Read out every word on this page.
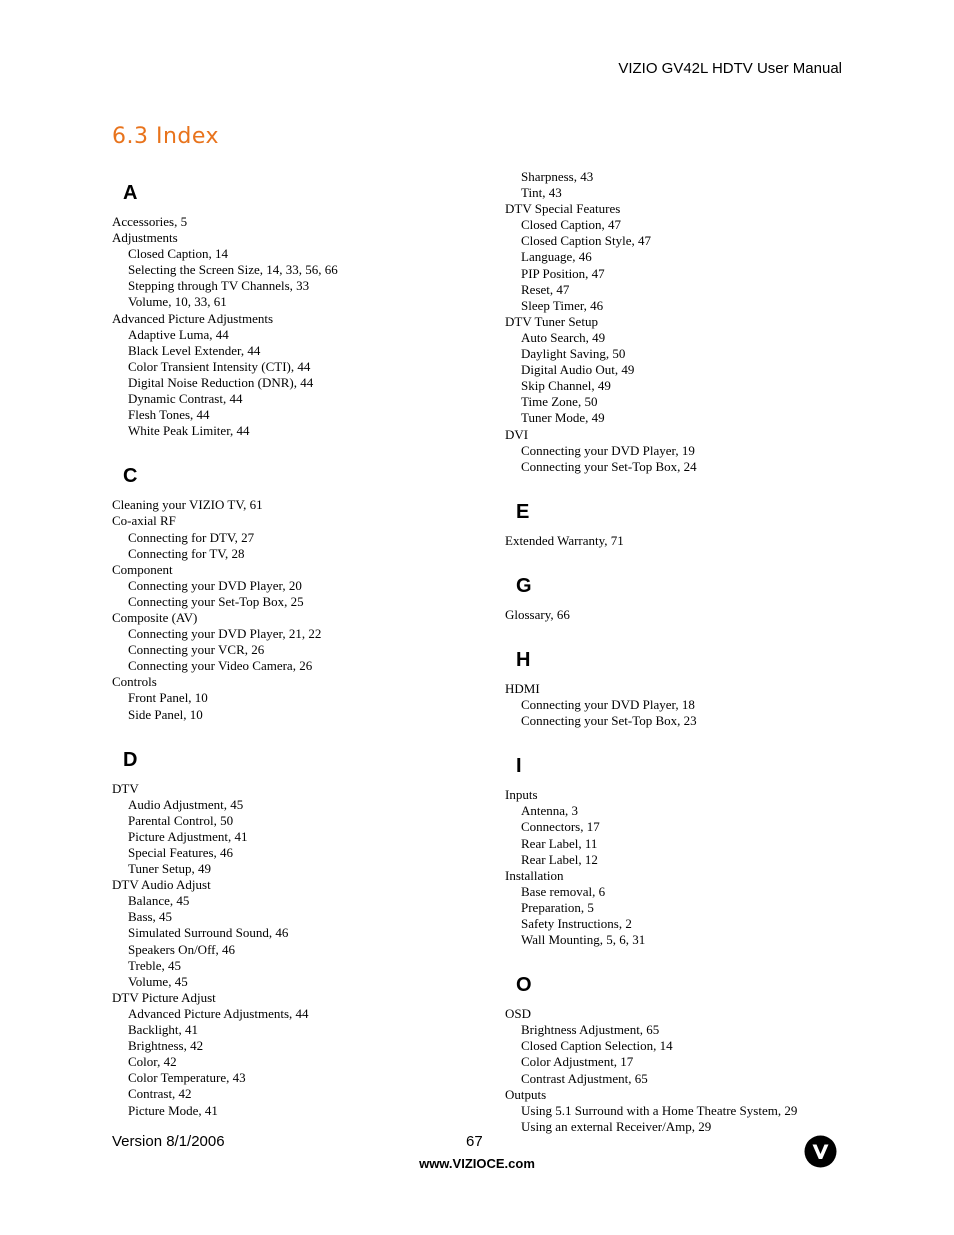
VIZIO GV42L HDTV User Manual
6.3 Index
A
Accessories, 5
Adjustments
Closed Caption, 14
Selecting the Screen Size, 14, 33, 56, 66
Stepping through TV Channels, 33
Volume, 10, 33, 61
Advanced Picture Adjustments
Adaptive Luma, 44
Black Level Extender, 44
Color Transient Intensity (CTI), 44
Digital Noise Reduction (DNR), 44
Dynamic Contrast, 44
Flesh Tones, 44
White Peak Limiter, 44
C
Cleaning your VIZIO TV, 61
Co-axial RF
Connecting for DTV, 27
Connecting for TV, 28
Component
Connecting your DVD Player, 20
Connecting your Set-Top Box, 25
Composite (AV)
Connecting your DVD Player, 21, 22
Connecting your VCR, 26
Connecting your Video Camera, 26
Controls
Front Panel, 10
Side Panel, 10
D
DTV
Audio Adjustment, 45
Parental Control, 50
Picture Adjustment, 41
Special Features, 46
Tuner Setup, 49
DTV Audio Adjust
Balance, 45
Bass, 45
Simulated Surround Sound, 46
Speakers On/Off, 46
Treble, 45
Volume, 45
DTV Picture Adjust
Advanced Picture Adjustments, 44
Backlight, 41
Brightness, 42
Color, 42
Color Temperature, 43
Contrast, 42
Picture Mode, 41
Sharpness, 43
Tint, 43
DTV Special Features
Closed Caption, 47
Closed Caption Style, 47
Language, 46
PIP Position, 47
Reset, 47
Sleep Timer, 46
DTV Tuner Setup
Auto Search, 49
Daylight Saving, 50
Digital Audio Out, 49
Skip Channel, 49
Time Zone, 50
Tuner Mode, 49
DVI
Connecting your DVD Player, 19
Connecting your Set-Top Box, 24
E
Extended Warranty, 71
G
Glossary, 66
H
HDMI
Connecting your DVD Player, 18
Connecting your Set-Top Box, 23
I
Inputs
Antenna, 3
Connectors, 17
Rear Label, 11
Rear Label, 12
Installation
Base removal, 6
Preparation, 5
Safety Instructions, 2
Wall Mounting, 5, 6, 31
O
OSD
Brightness Adjustment, 65
Closed Caption Selection, 14
Color Adjustment, 17
Contrast Adjustment, 65
Outputs
Using 5.1 Surround with a Home Theatre System, 29
Using an external Receiver/Amp, 29
Version 8/1/2006	67
www.VIZIOCE.com
